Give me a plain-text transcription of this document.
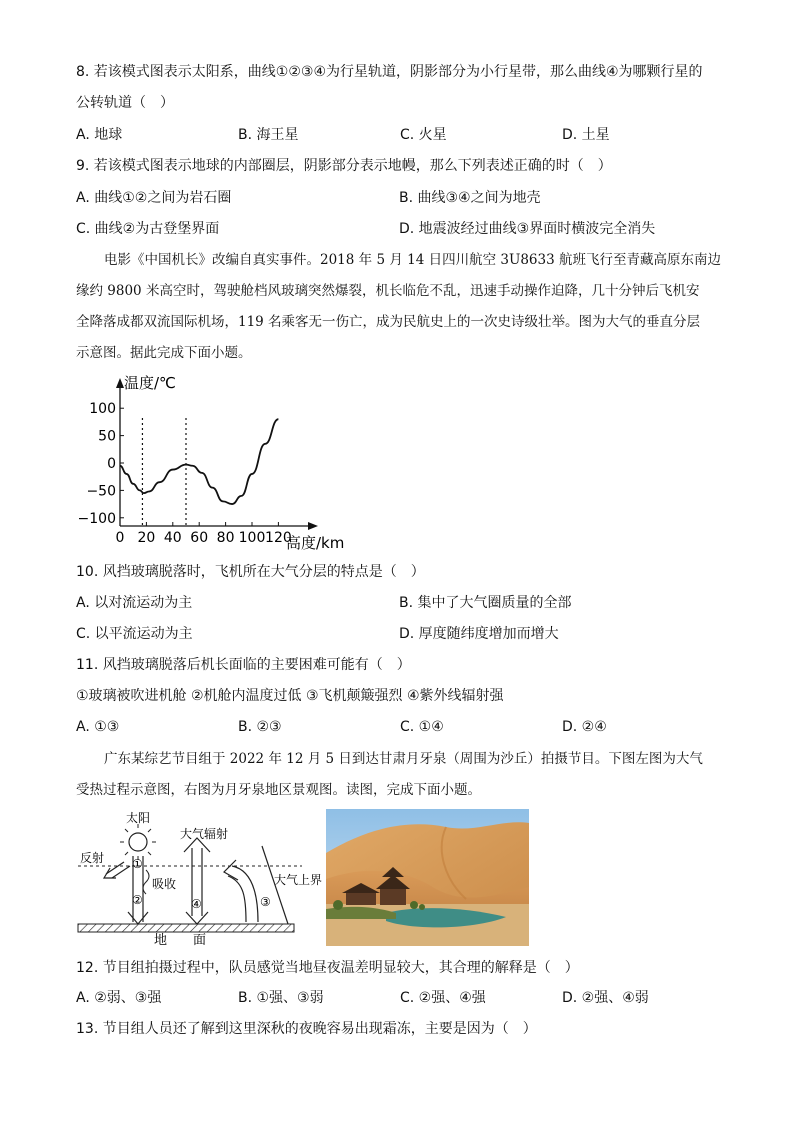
8. 若该模式图表示太阳系，曲线①②③④为行星轨道，阴影部分为小行星带，那么曲线④为哪颗行星的
公转轨道（　）
A. 地球	B. 海王星	C. 火星	D. 土星
9. 若该模式图表示地球的内部圈层，阴影部分表示地幔，那么下列表述正确的时（　）
A. 曲线①②之间为岩石圈	B. 曲线③④之间为地壳
C. 曲线②为古登堡界面	D. 地震波经过曲线③界面时横波完全消失
电影《中国机长》改编自真实事件。2018 年 5 月 14 日四川航空 3U8633 航班飞行至青藏高原东南边
缘约 9800 米高空时，驾驶舱档风玻璃突然爆裂，机长临危不乱，迅速手动操作迫降，几十分钟后飞机安
全降落成都双流国际机场，119 名乘客无一伤亡，成为民航史上的一次史诗级壮举。图为大气的垂直分层
示意图。据此完成下面小题。
0 20 40 60 80 100 120
100
50
0
−50
−100
温度/℃
高度/km
10. 风挡玻璃脱落时，飞机所在大气分层的特点是（　）
A. 以对流运动为主	B. 集中了大气圈质量的全部
C. 以平流运动为主	D. 厚度随纬度增加而增大
11. 风挡玻璃脱落后机长面临的主要困难可能有（　）
①玻璃被吹进机舱 ②机舱内温度过低 ③飞机颠簸强烈 ④紫外线辐射强
A. ①③	B. ②③	C. ①④	D. ②④
广东某综艺节目组于 2022 年 12 月 5 日到达甘肃月牙泉（周围为沙丘）拍摄节目。下图左图为大气
受热过程示意图，右图为月牙泉地区景观图。读图，完成下面小题。
地　　面
大气上界
太阳
①
②
反射
吸收
大气辐射
④	③
12. 节目组拍摄过程中，队员感觉当地昼夜温差明显较大，其合理的解释是（　）
A. ②弱、③强	B. ①强、③弱	C. ②强、④强	D. ②强、④弱
13. 节目组人员还了解到这里深秋的夜晚容易出现霜冻，主要是因为（　）
